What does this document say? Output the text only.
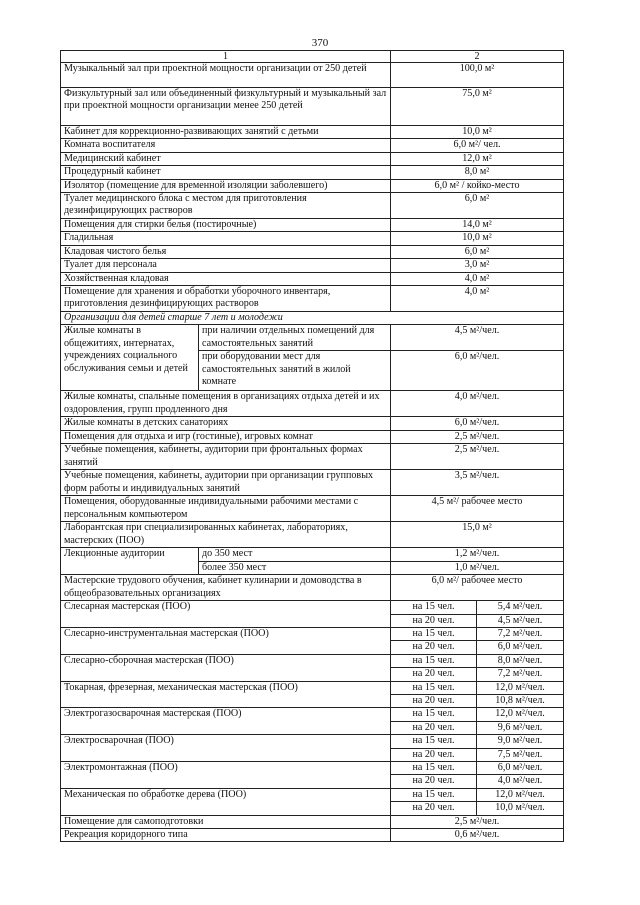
370
1		2	
Музыкальный зал при проектной мощности организации от 250 детей		100,0 м²	
Физкультурный зал или объединенный физкультурный и музыкальный зал при проектной мощности организации менее 250 детей		75,0 м²	
Кабинет для коррекционно-развивающих занятий с детьми		10,0 м²	
Комната воспитателя		6,0 м²/ чел.	
Медицинский кабинет		12,0 м²	
Процедурный кабинет		8,0 м²	
Изолятор (помещение для временной изоляции заболевшего)		6,0 м² / койко-место	
Туалет медицинского блока с местом для приготовления дезинфицирующих растворов		6,0 м²	
Помещения для стирки белья (постирочные)		14,0 м²	
Гладильная		10,0 м²	
Кладовая чистого белья		6,0 м²	
Туалет для персонала		3,0 м²	
Хозяйственная кладовая		4,0 м²	
Помещение для хранения и обработки уборочного инвентаря, приготовления дезинфицирующих растворов		4,0 м²	
Организации для детей старше 7 лет и молодежи			
Жилые комнаты в общежитиях, интернатах, учреждениях социального обслуживания семьи и детей	при наличии отдельных помещений для самостоятельных занятий	4,5 м²/чел.	
	при оборудовании мест для самостоятельных занятий в жилой комнате	6,0 м²/чел.	
Жилые комнаты, спальные помещения в организациях отдыха детей и их оздоровления, групп продленного дня		4,0 м²/чел.	
Жилые комнаты в детских санаториях		6,0 м²/чел.	
Помещения для отдыха и игр (гостиные), игровых комнат		2,5 м²/чел.	
Учебные помещения, кабинеты, аудитории при фронтальных формах занятий		2,5 м²/чел.	
Учебные помещения, кабинеты, аудитории при организации групповых форм работы и индивидуальных занятий		3,5 м²/чел.	
Помещения, оборудованные индивидуальными рабочими местами с персональным компьютером		4,5 м²/ рабочее место	
Лаборантская при специализированных кабинетах, лабораториях, мастерских (ПОО)		15,0 м²	
Лекционные аудитории	до 350 мест	1,2 м²/чел.	
	более 350 мест	1,0 м²/чел.	
Мастерские трудового обучения, кабинет кулинарии и домоводства в общеобразовательных организациях		6,0 м²/ рабочее место	
Слесарная мастерская (ПОО)		на 15 чел.	5,4 м²/чел.
		на 20 чел.	4,5 м²/чел.
Слесарно-инструментальная мастерская (ПОО)		на 15 чел.	7,2 м²/чел.
		на 20 чел.	6,0 м²/чел.
Слесарно-сборочная мастерская (ПОО)		на 15 чел.	8,0 м²/чел.
		на 20 чел.	7,2 м²/чел.
Токарная, фрезерная, механическая мастерская (ПОО)		на 15 чел.	12,0 м²/чел.
		на 20 чел.	10,8 м²/чел.
Электрогазосварочная мастерская (ПОО)		на 15 чел.	12,0 м²/чел.
		на 20 чел.	9,6 м²/чел.
Электросварочная (ПОО)		на 15 чел.	9,0 м²/чел.
		на 20 чел.	7,5 м²/чел.
Электромонтажная (ПОО)		на 15 чел.	6,0 м²/чел.
		на 20 чел.	4,0 м²/чел.
Механическая по обработке дерева (ПОО)		на 15 чел.	12,0 м²/чел.
		на 20 чел.	10,0 м²/чел.
Помещение для самоподготовки		2,5 м²/чел.	
Рекреация коридорного типа		0,6 м²/чел.	
